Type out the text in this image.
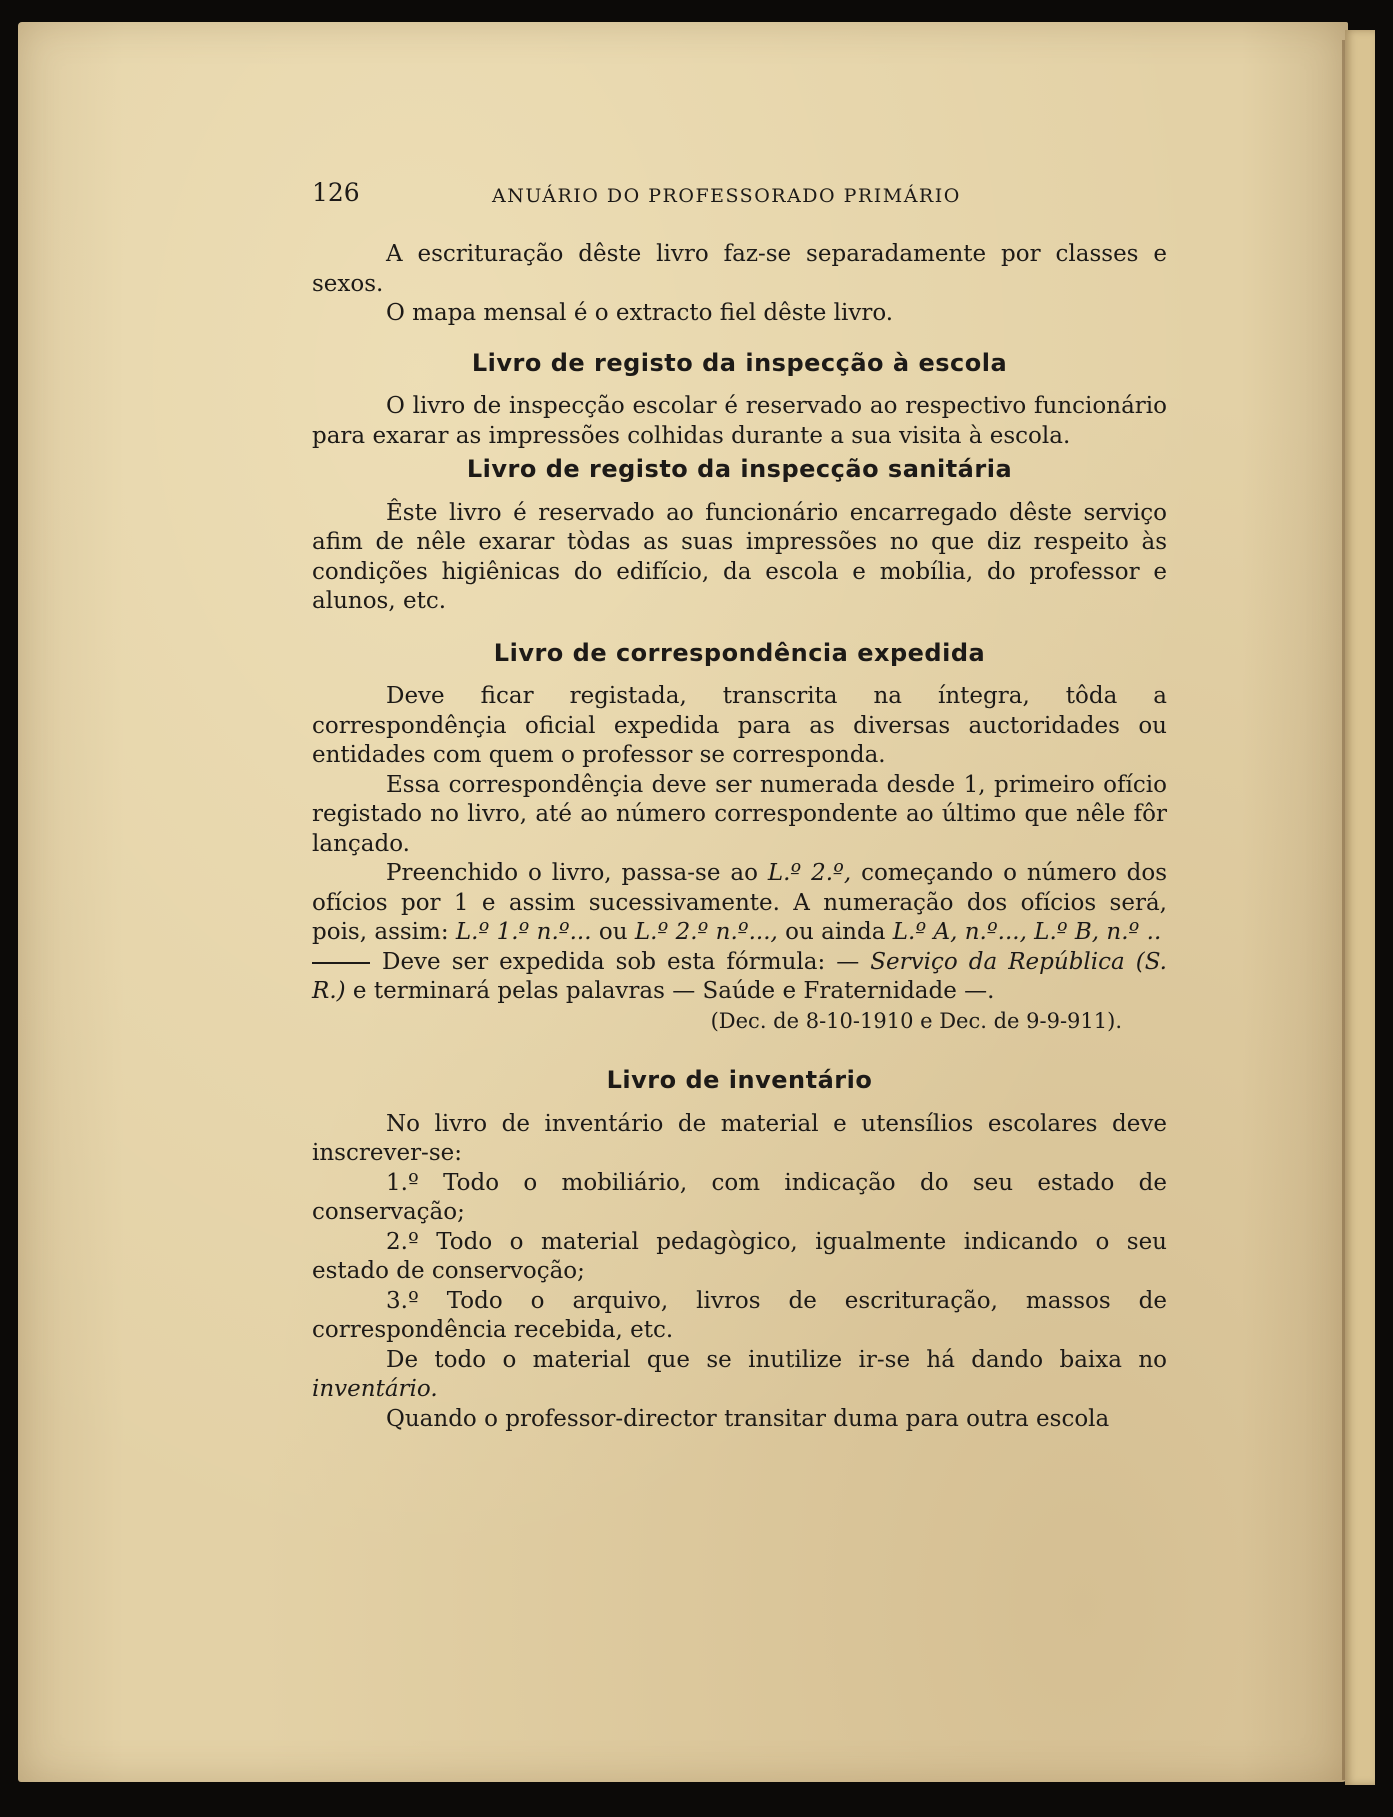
126	ANUÁRIO DO PROFESSORADO PRIMÁRIO

A escrituração dêste livro faz-se separadamente por classes e sexos.

O mapa mensal é o extracto fiel dêste livro.

Livro de registo da inspecção à escola

O livro de inspecção escolar é reservado ao respectivo funcionário para exarar as impressões colhidas durante a sua visita à escola.

Livro de registo da inspecção sanitária

Êste livro é reservado ao funcionário encarregado dêste serviço afim de nêle exarar tòdas as suas impressões no que diz respeito às condições higiênicas do edifício, da escola e mobília, do professor e alunos, etc.

Livro de correspondência expedida

Deve ficar registada, transcrita na íntegra, tôda a correspondênçia oficial expedida para as diversas auctoridades ou entidades com quem o professor se corresponda.

Essa correspondênçia deve ser numerada desde 1, primeiro ofício registado no livro, até ao número correspondente ao último que nêle fôr lançado.

Preenchido o livro, passa-se ao L.º 2.º, começando o número dos ofícios por 1 e assim sucessivamente. A numeração dos ofícios será, pois, assim: L.º 1.º n.º... ou L.º 2.º n.º..., ou ainda L.º A, n.º..., L.º B, n.º ..

Deve ser expedida sob esta fórmula: — Serviço da República (S. R.) e terminará pelas palavras — Saúde e Fraternidade —.

(Dec. de 8-10-1910 e Dec. de 9-9-911).
Livro de inventário

No livro de inventário de material e utensílios escolares deve inscrever-se:

1.º Todo o mobiliário, com indicação do seu estado de conservação;

2.º Todo o material pedagògico, igualmente indicando o seu estado de conservoção;

3.º Todo o arquivo, livros de escrituração, massos de correspondência recebida, etc.

De todo o material que se inutilize ir-se há dando baixa no inventário.

Quando o professor-director transitar duma para outra escola
